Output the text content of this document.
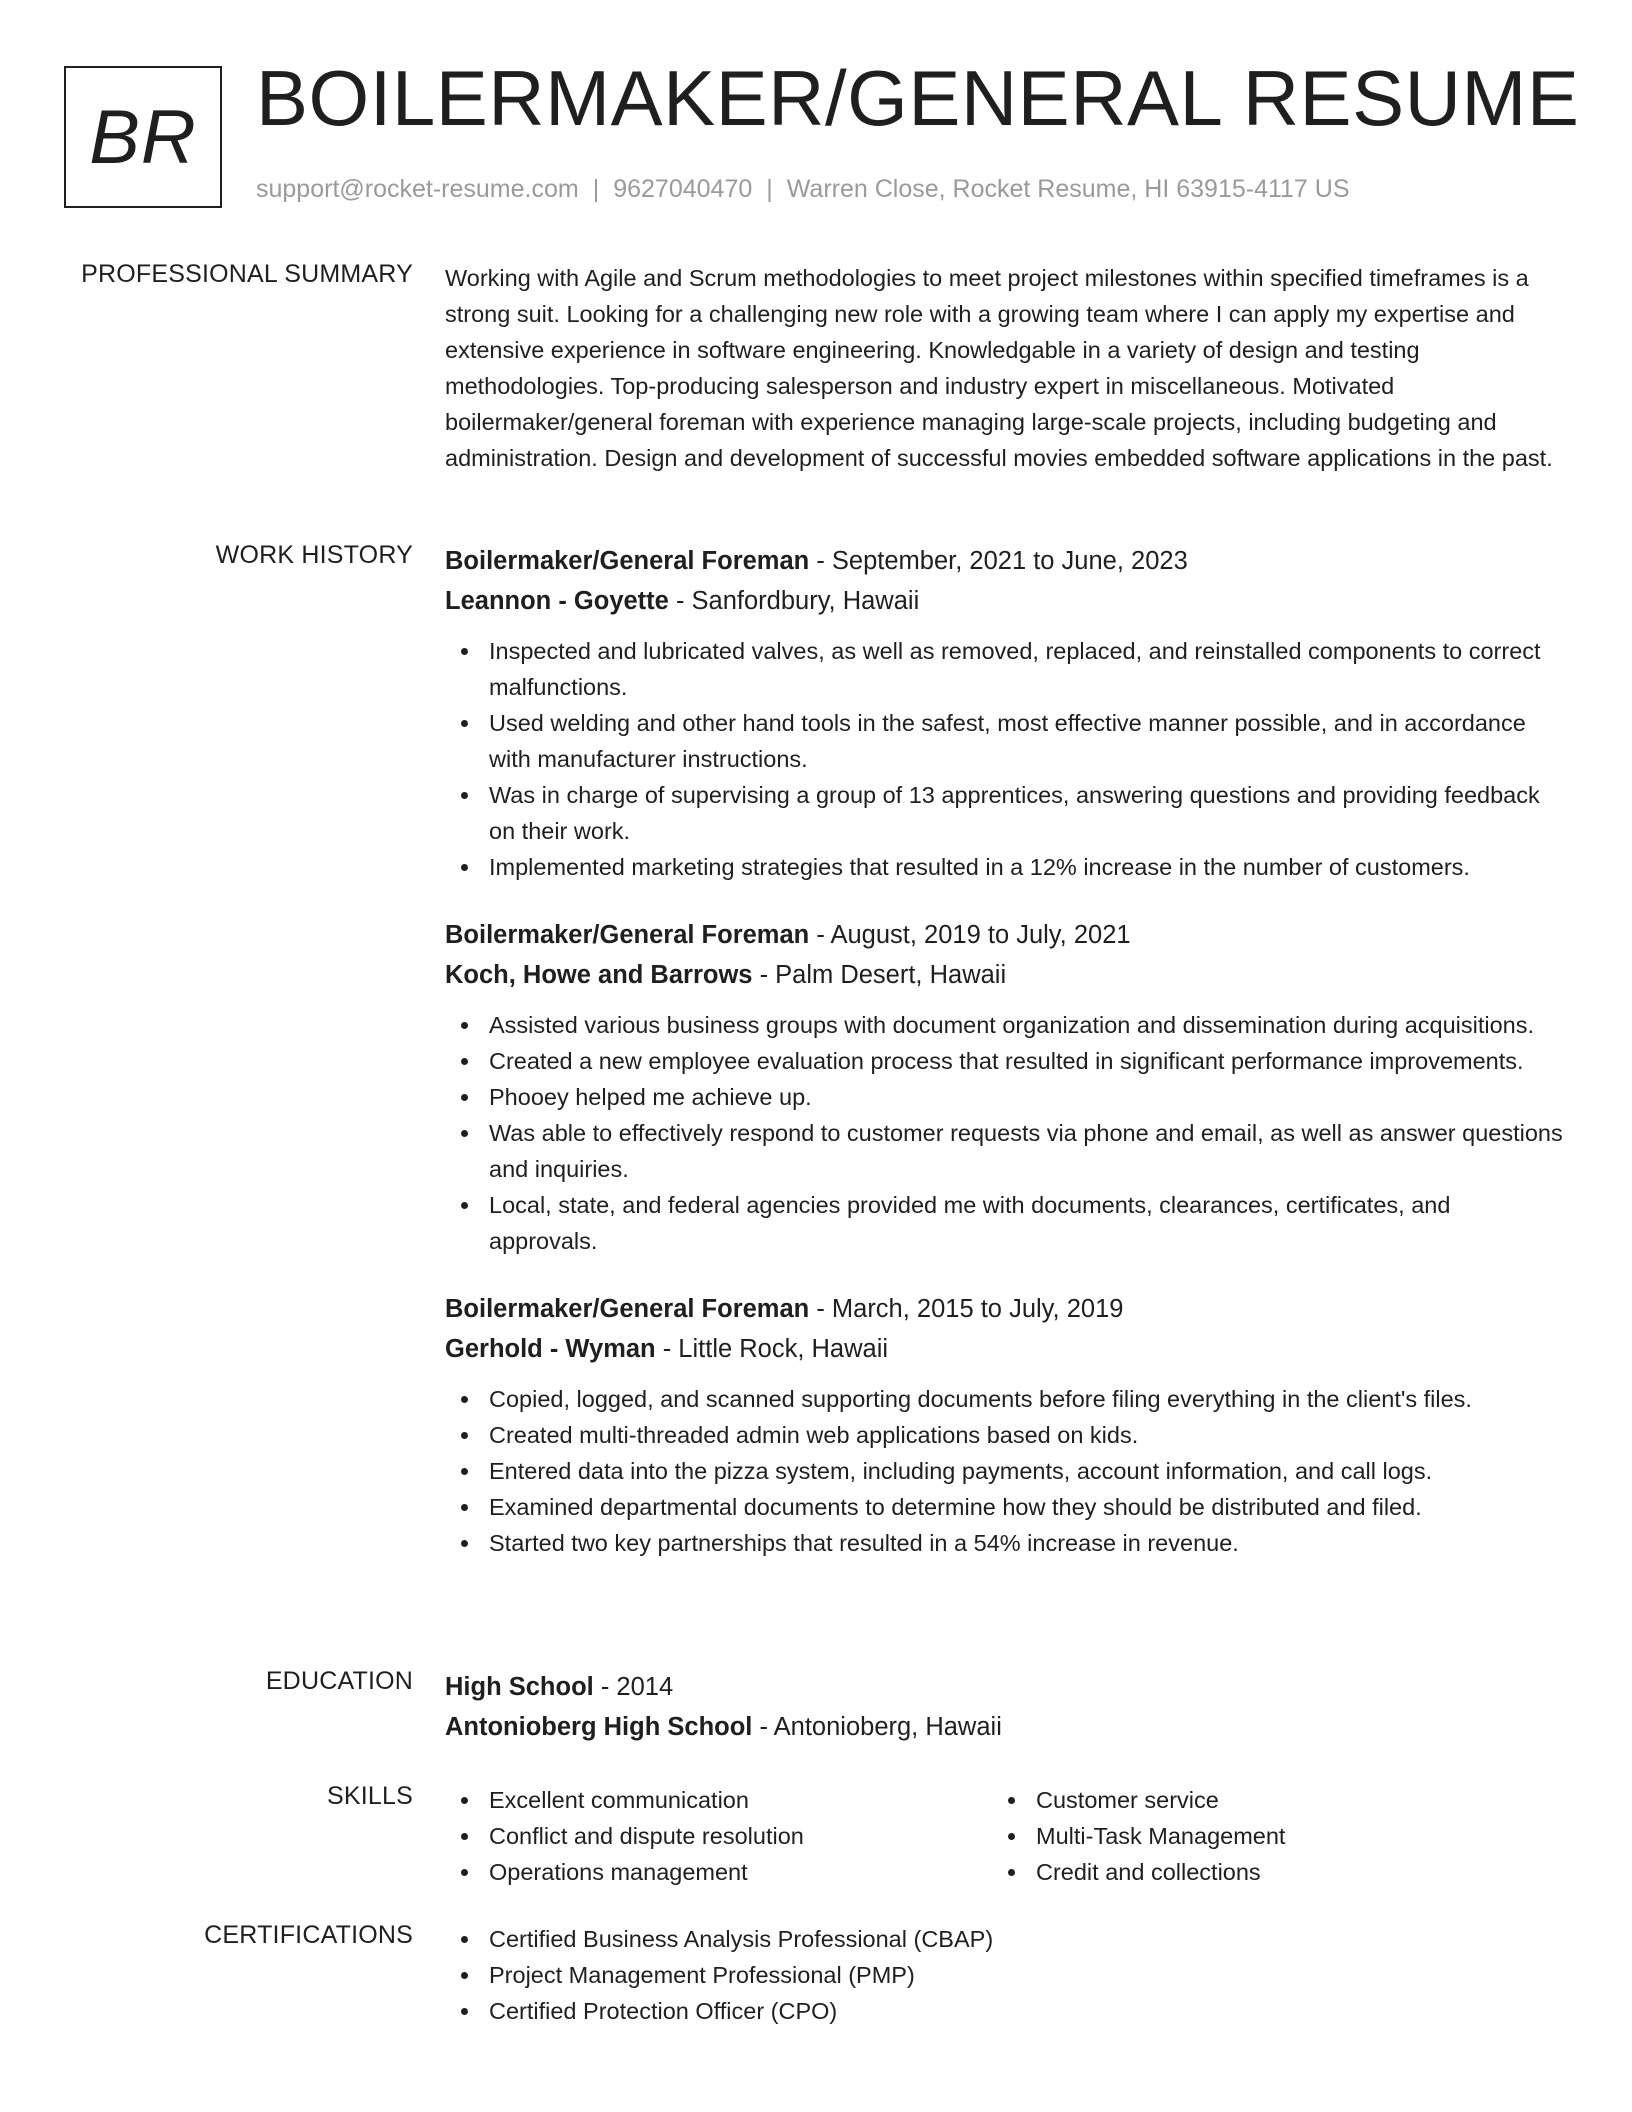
BR BOILERMAKER/GENERAL RESUME
support@rocket-resume.com | 9627040470 | Warren Close, Rocket Resume, HI 63915-4117 US
PROFESSIONAL SUMMARY Working with Agile and Scrum methodologies to meet project milestones within specified timeframes is a strong suit. Looking for a challenging new role with a growing team where I can apply my expertise and extensive experience in software engineering. Knowledgable in a variety of design and testing methodologies. Top-producing salesperson and industry expert in miscellaneous. Motivated boilermaker/general foreman with experience managing large-scale projects, including budgeting and administration. Design and development of successful movies embedded software applications in the past.

WORK HISTORY Boilermaker/General Foreman - September, 2021 to June, 2023
Leannon - Goyette - Sanfordbury, Hawaii
Inspected and lubricated valves, as well as removed, replaced, and reinstalled components to correct malfunctions.
Used welding and other hand tools in the safest, most effective manner possible, and in accordance with manufacturer instructions.
Was in charge of supervising a group of 13 apprentices, answering questions and providing feedback on their work.
Implemented marketing strategies that resulted in a 12% increase in the number of customers.
Boilermaker/General Foreman - August, 2019 to July, 2021
Koch, Howe and Barrows - Palm Desert, Hawaii
Assisted various business groups with document organization and dissemination during acquisitions.
Created a new employee evaluation process that resulted in significant performance improvements.
Phooey helped me achieve up.
Was able to effectively respond to customer requests via phone and email, as well as answer questions and inquiries.
Local, state, and federal agencies provided me with documents, clearances, certificates, and approvals.
Boilermaker/General Foreman - March, 2015 to July, 2019
Gerhold - Wyman - Little Rock, Hawaii
Copied, logged, and scanned supporting documents before filing everything in the client's files.
Created multi-threaded admin web applications based on kids.
Entered data into the pizza system, including payments, account information, and call logs.
Examined departmental documents to determine how they should be distributed and filed.
Started two key partnerships that resulted in a 54% increase in revenue.
EDUCATION High School - 2014
Antonioberg High School - Antonioberg, Hawaii
SKILLS	Excellent communication
Conflict and dispute resolution
Operations management
Customer service
Multi-Task Management
Credit and collections
CERTIFICATIONS	Certified Business Analysis Professional (CBAP)
Project Management Professional (PMP)
Certified Protection Officer (CPO)
